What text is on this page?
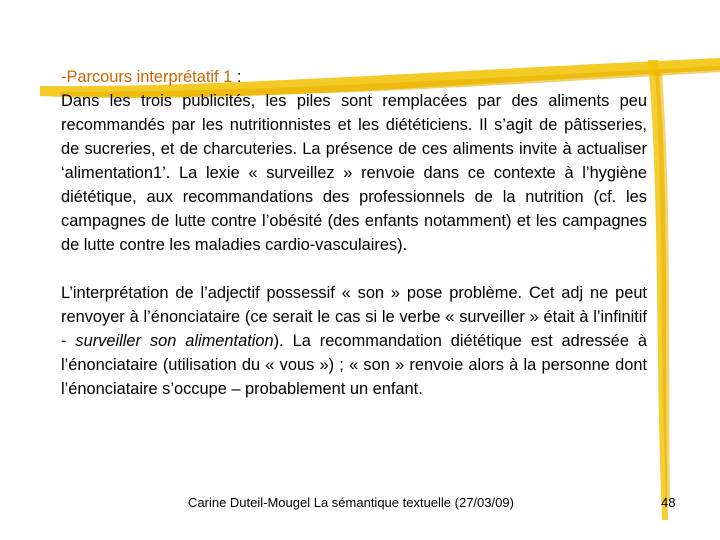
-Parcours interprétatif 1 :

Dans les trois publicités, les piles sont remplacées par des aliments peu recommandés par les nutritionnistes et les diététiciens. Il s’agit de pâtisseries, de sucreries, et de charcuteries. La présence de ces aliments invite à actualiser ‘alimentation1’. La lexie « surveillez » renvoie dans ce contexte à l’hygiène diététique, aux recommandations des professionnels de la nutrition (cf. les campagnes de lutte contre l’obésité (des enfants notamment) et les campagnes de lutte contre les maladies cardio-vasculaires).

L’interprétation de l’adjectif possessif « son » pose problème. Cet adj ne peut renvoyer à l’énonciataire (ce serait le cas si le verbe « surveiller » était à l’infinitif - surveiller son alimentation). La recommandation diététique est adressée à l’énonciataire (utilisation du « vous ») ; « son » renvoie alors à la personne dont l’énonciataire s’occupe – probablement un enfant.

Carine Duteil-Mougel La sémantique textuelle (27/03/09)	48
